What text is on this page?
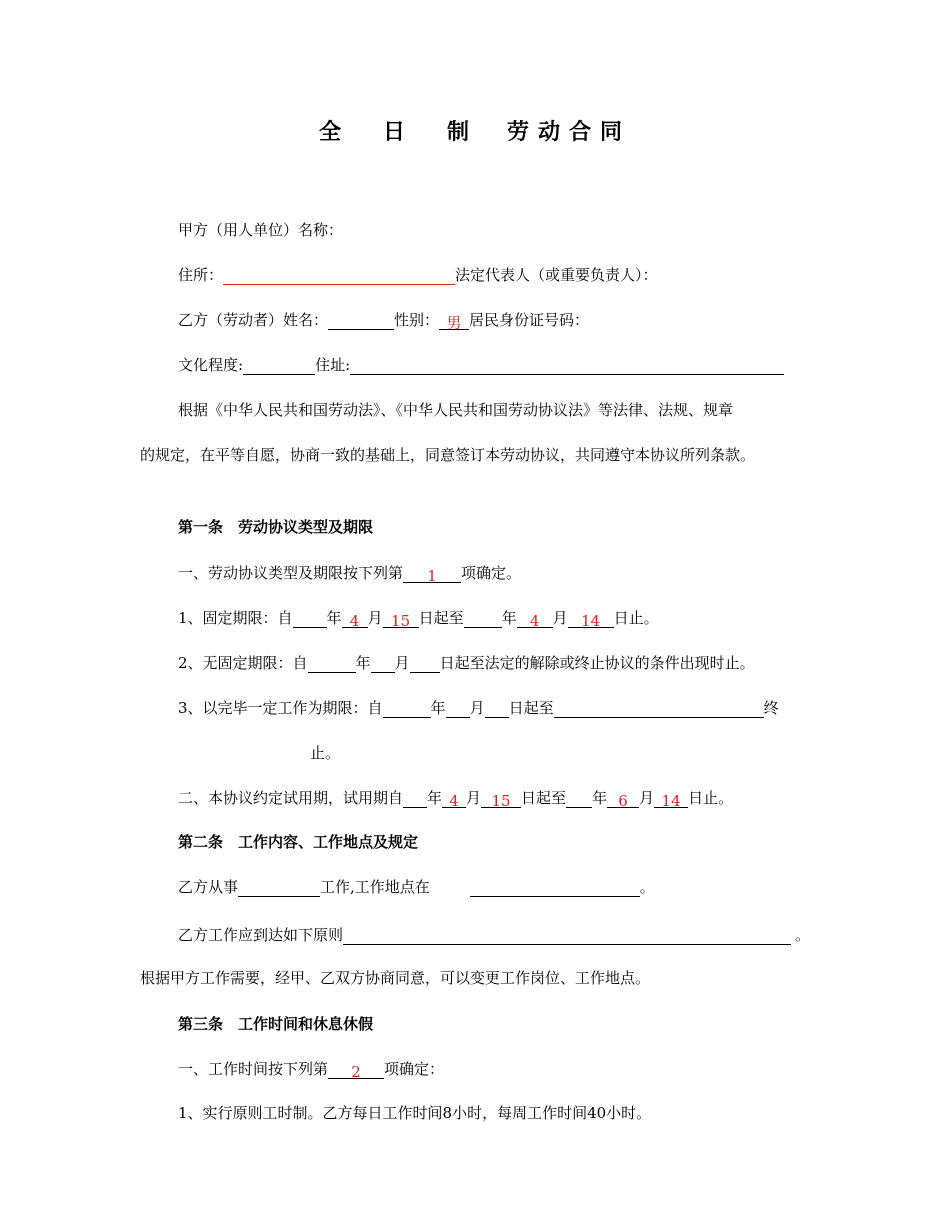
全 日 制 劳动合同
甲方（用人单位）名称：
住所：	法定代表人（或重要负责人）：
乙方（劳动者）姓名：	性别： 男 居民身份证号码：
文化程度:	住址:
根据《中华人民共和国劳动法》、《中华人民共和国劳动协议法》等法律、法规、规章
的规定，在平等自愿，协商一致的基础上，同意签订本劳动协议，共同遵守本协议所列条款。
第一条　劳动协议类型及期限
一、劳动协议类型及期限按下列第 1 项确定。
1、固定期限：自 年 4 月 15 日起至	年 4 月 14 日止。
2、无固定期限：自	年 月 日起至法定的解除或终止协议的条件出现时止。
3、以完毕一定工作为期限：自	年 月 日起至	终
止。
二、本协议约定试用期，试用期自 年 4 月 15 日起至 年 6 月 14 日止。
第二条　工作内容、工作地点及规定
乙方从事	工作,工作地点在	。
乙方工作应到达如下原则	。
根据甲方工作需要，经甲、乙双方协商同意，可以变更工作岗位、工作地点。
第三条　工作时间和休息休假
一、工作时间按下列第 2 项确定：
1、实行原则工时制。乙方每日工作时间8小时，每周工作时间40小时。
